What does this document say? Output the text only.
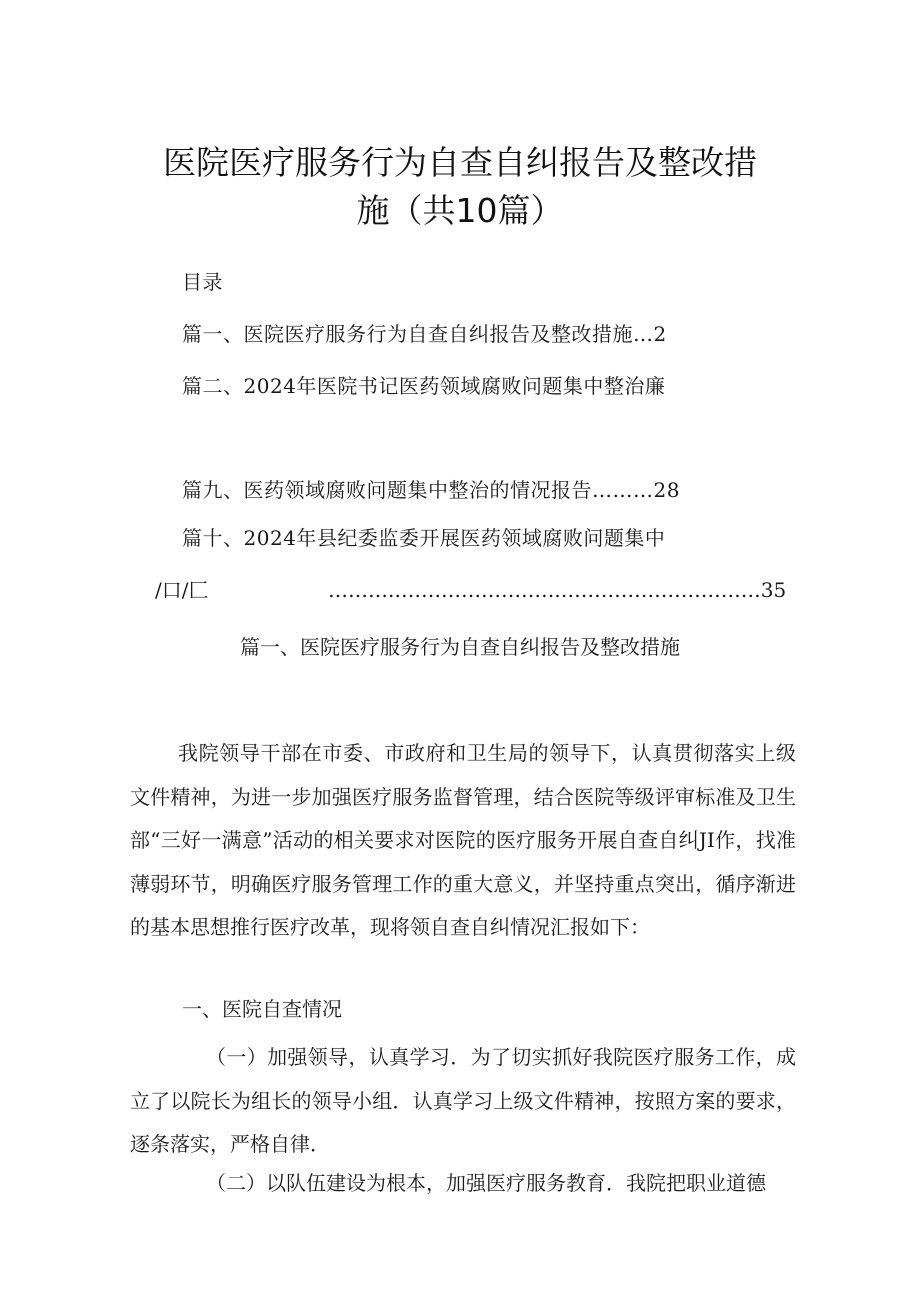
医院医疗服务行为自查自纠报告及整改措
施（共10篇）
目录
篇一、医院医疗服务行为自查自纠报告及整改措施…2
篇二、2024年医院书记医药领域腐败问题集中整治廉
篇九、医药领域腐败问题集中整治的情况报告………28
篇十、2024年县纪委监委开展医药领域腐败问题集中
/口/匚	……….…………………….…………………………35
篇一、医院医疗服务行为自查自纠报告及整改措施

我院领导干部在市委、市政府和卫生局的领导下，认真贯彻落实上级文件精神，为进一步加强医疗服务监督管理，结合医院等级评审标准及卫生部“三好一满意”活动的相关要求对医院的医疗服务开展自查自纠JI作，找准薄弱环节，明确医疗服务管理工作的重大意义，并坚持重点突出，循序渐进的基本思想推行医疗改革，现将领自查自纠情况汇报如下：

一、医院自查情况

（一）加强领导，认真学习．为了切实抓好我院医疗服务工作，成立了以院长为组长的领导小组．认真学习上级文件精神，按照方案的要求，逐条落实，严格自律．

（二）以队伍建设为根本，加强医疗服务教育．我院把职业道德
